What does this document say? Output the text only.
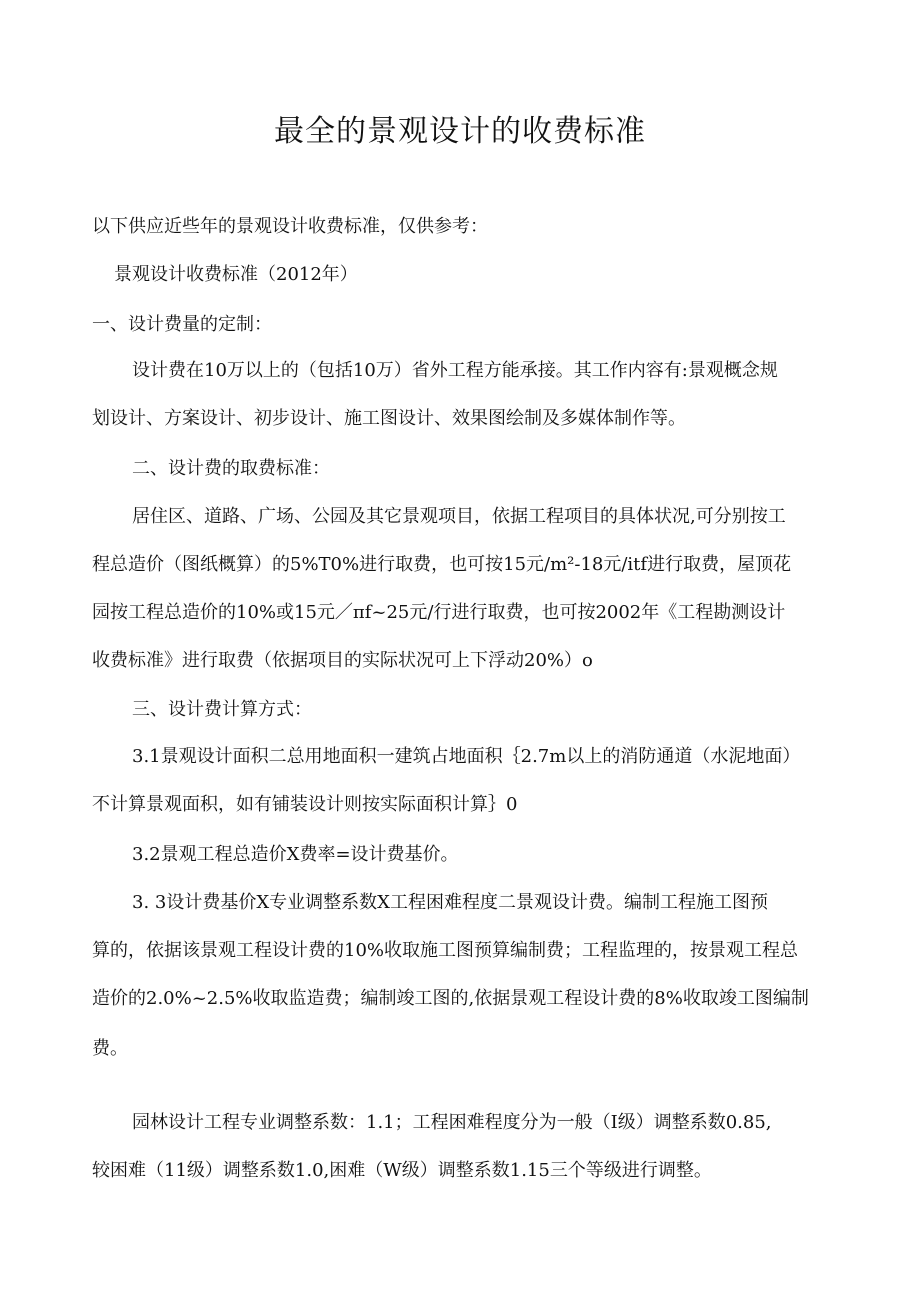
最全的景观设计的收费标准
以下供应近些年的景观设计收费标准，仅供参考：
景观设计收费标准（2012年）
一、设计费量的定制：
设计费在10万以上的（包括10万）省外工程方能承接。其工作内容有:景观概念规
划设计、方案设计、初步设计、施工图设计、效果图绘制及多媒体制作等。
二、设计费的取费标准：
居住区、道路、广场、公园及其它景观项目，依据工程项目的具体状况,可分别按工
程总造价（图纸概算）的5%T0%进行取费，也可按15元/m²-18元/itf进行取费，屋顶花
园按工程总造价的10%或15元／πf~25元/行进行取费，也可按2002年《工程勘测设计
收费标准》进行取费（依据项目的实际状况可上下浮动20%）o
三、设计费计算方式：
3.1景观设计面积二总用地面积一建筑占地面积｛2.7m以上的消防通道（水泥地面）
不计算景观面积，如有铺装设计则按实际面积计算｝0
3.2景观工程总造价X费率=设计费基价。
3. 3设计费基价X专业调整系数X工程困难程度二景观设计费。编制工程施工图预
算的，依据该景观工程设计费的10%收取施工图预算编制费；工程监理的，按景观工程总
造价的2.0%~2.5%收取监造费；编制竣工图的,依据景观工程设计费的8%收取竣工图编制
费。
园林设计工程专业调整系数：1.1；工程困难程度分为一般（I级）调整系数0.85,
较困难（11级）调整系数1.0,困难（W级）调整系数1.15三个等级进行调整。
